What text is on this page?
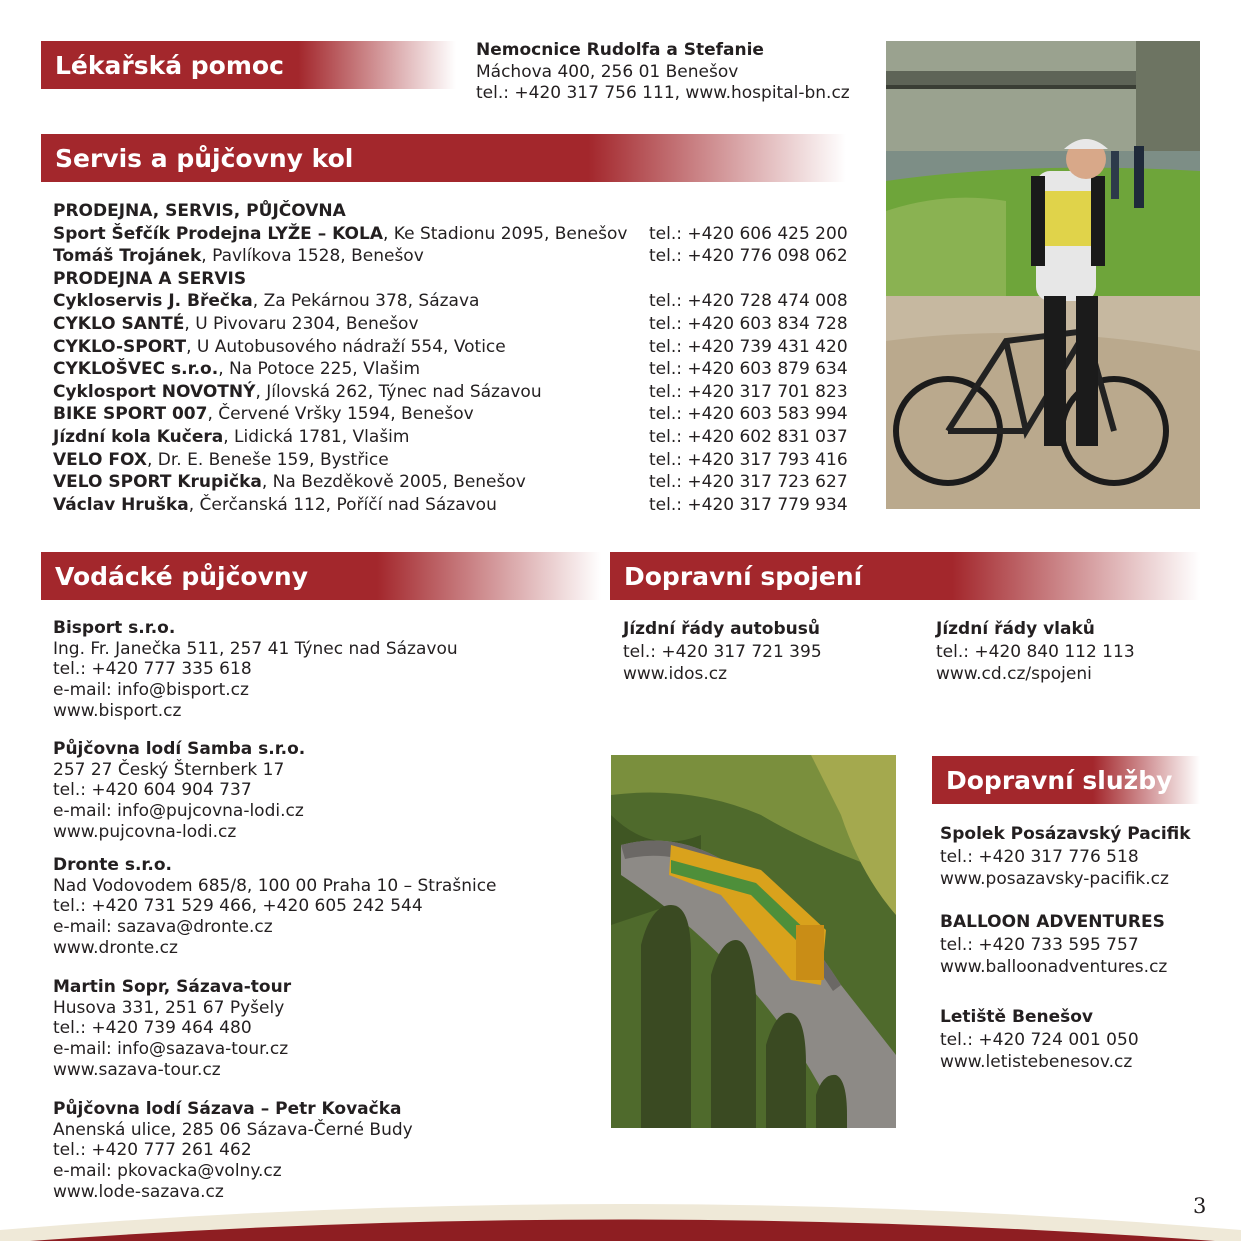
Lékařská pomoc
Servis a půjčovny kol
Vodácké půjčovny	Dopravní spojení
Dopravní služby
Nemocnice Rudolfa a Stefanie
Máchova 400, 256 01 Benešov
tel.: +420 317 756 111, www.hospital-bn.cz
PRODEJNA, SERVIS, PŮJČOVNA
Sport Šefčík Prodejna LYŽE – KOLA, Ke Stadionu 2095, Benešov	tel.: +420 606 425 200
Tomáš Trojánek, Pavlíkova 1528, Benešov	tel.: +420 776 098 062
PRODEJNA A SERVIS
Cykloservis J. Břečka, Za Pekárnou 378, Sázava	tel.: +420 728 474 008
CYKLO SANTÉ, U Pivovaru 2304, Benešov	tel.: +420 603 834 728
CYKLO-SPORT, U Autobusového nádraží 554, Votice	tel.: +420 739 431 420
CYKLOŠVEC s.r.o., Na Potoce 225, Vlašim	tel.: +420 603 879 634
Cyklosport NOVOTNÝ, Jílovská 262, Týnec nad Sázavou	tel.: +420 317 701 823
BIKE SPORT 007, Červené Vršky 1594, Benešov	tel.: +420 603 583 994
Jízdní kola Kučera, Lidická 1781, Vlašim	tel.: +420 602 831 037
VELO FOX, Dr. E. Beneše 159, Bystřice	tel.: +420 317 793 416
VELO SPORT Krupička, Na Bezděkově 2005, Benešov	tel.: +420 317 723 627
Václav Hruška, Čerčanská 112, Poříčí nad Sázavou	tel.: +420 317 779 934
Bisport s.r.o.
Ing. Fr. Janečka 511, 257 41 Týnec nad Sázavou
tel.: +420 777 335 618
e-mail: info@bisport.cz
www.bisport.cz
Půjčovna lodí Samba s.r.o.
257 27 Český Šternberk 17
tel.: +420 604 904 737
e-mail: info@pujcovna-lodi.cz
www.pujcovna-lodi.cz
Dronte s.r.o.
Nad Vodovodem 685/8, 100 00 Praha 10 – Strašnice
tel.: +420 731 529 466, +420 605 242 544
e-mail: sazava@dronte.cz
www.dronte.cz
Martin Sopr, Sázava-tour
Husova 331, 251 67 Pyšely
tel.: +420 739 464 480
e-mail: info@sazava-tour.cz
www.sazava-tour.cz
Půjčovna lodí Sázava – Petr Kovačka
Anenská ulice, 285 06 Sázava-Černé Budy
tel.: +420 777 261 462
e-mail: pkovacka@volny.cz
www.lode-sazava.cz
Jízdní řády autobusů
tel.: +420 317 721 395
www.idos.cz
Jízdní řády vlaků
tel.: +420 840 112 113
www.cd.cz/spojeni
Spolek Posázavský Pacifik
tel.: +420 317 776 518
www.posazavsky-pacifik.cz
BALLOON ADVENTURES
tel.: +420 733 595 757
www.balloonadventures.cz
Letiště Benešov
tel.: +420 724 001 050
www.letistebenesov.cz
3
